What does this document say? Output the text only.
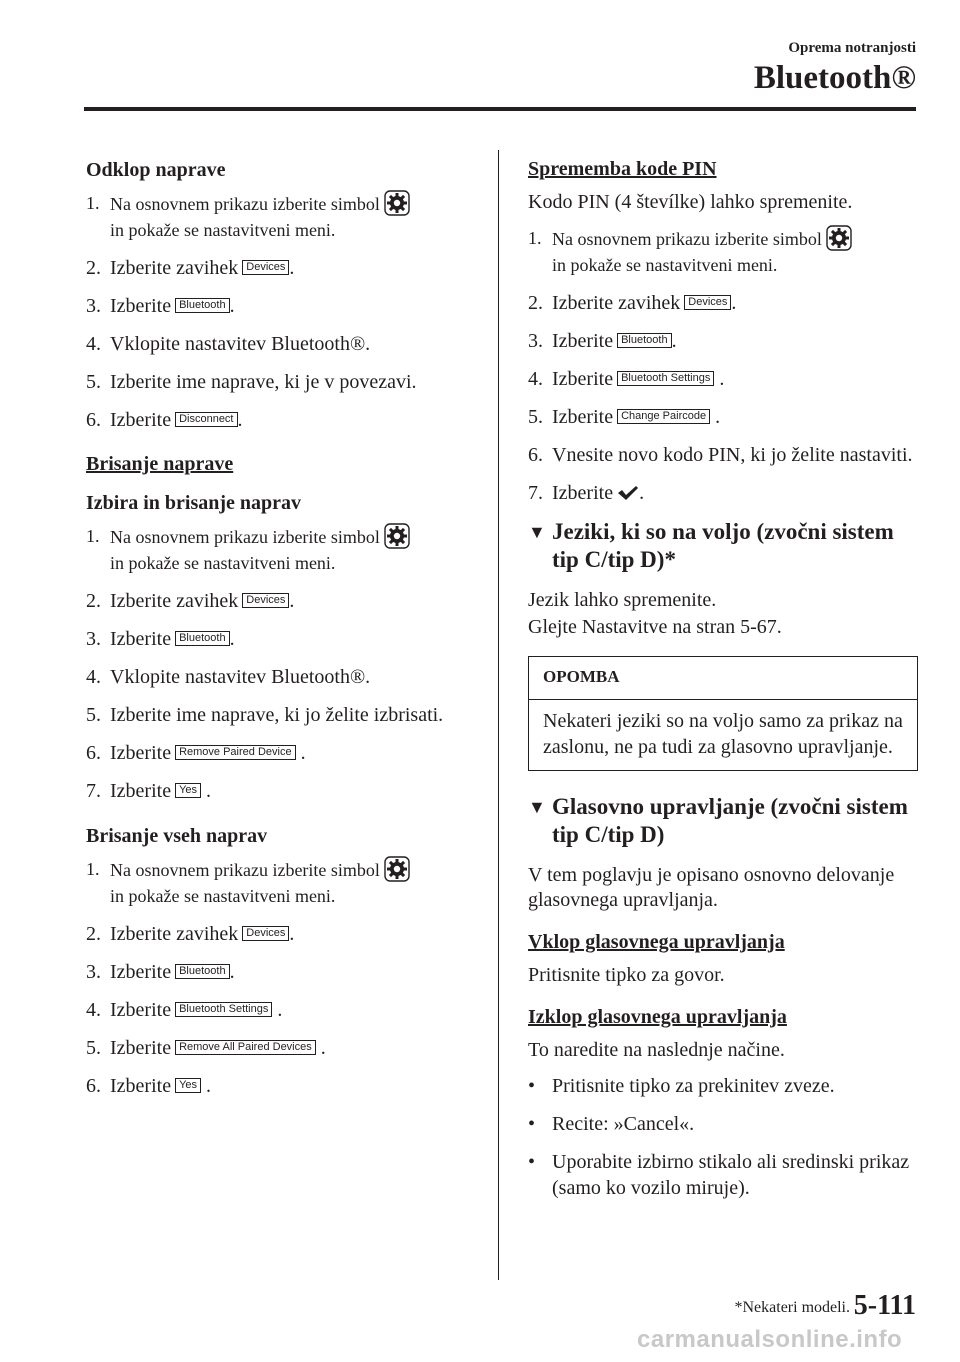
Oprema notranjosti
Bluetooth®
Odklop naprave
1. Na osnovnem prikazu izberite simbol
in pokaže se nastavitveni meni.
2. Izberite zavihek Devices .
3. Izberite Bluetooth .
4. Vklopite nastavitev Bluetooth®.
5. Izberite ime naprave, ki je v povezavi.
6. Izberite Disconnect .
Brisanje naprave
Izbira in brisanje naprav
1. Na osnovnem prikazu izberite simbol
in pokaže se nastavitveni meni.
2. Izberite zavihek Devices .
3. Izberite Bluetooth .
4. Vklopite nastavitev Bluetooth®.
5. Izberite ime naprave, ki jo želite izbrisati.
6. Izberite Remove Paired Device .
7. Izberite Yes .
Brisanje vseh naprav
1. Na osnovnem prikazu izberite simbol
in pokaže se nastavitveni meni.
2. Izberite zavihek Devices .
3. Izberite Bluetooth .
4. Izberite Bluetooth Settings .
5. Izberite Remove All Paired Devices .
6. Izberite Yes .
Sprememba kode PIN
Kodo PIN (4 števílke) lahko spremenite.
1. Na osnovnem prikazu izberite simbol
in pokaže se nastavitveni meni.
2. Izberite zavihek Devices .
3. Izberite Bluetooth .
4. Izberite Bluetooth Settings .
5. Izberite Change Paircode .
6. Vnesite novo kodo PIN, ki jo želite nastaviti.
7. Izberite .
▼ Jeziki, ki so na voljo (zvočni sistem tip C/tip D)*
Jezik lahko spremenite.
Glejte Nastavitve na stran 5-67.
OPOMBA
Nekateri jeziki so na voljo samo za prikaz na zaslonu, ne pa tudi za glasovno upravljanje.
▼ Glasovno upravljanje (zvočni sistem tip C/tip D)
V tem poglavju je opisano osnovno delovanje glasovnega upravljanja.
Vklop glasovnega upravljanja
Pritisnite tipko za govor.
Izklop glasovnega upravljanja
To naredite na naslednje načine.
• Pritisnite tipko za prekinitev zveze.
• Recite: »Cancel«.
• Uporabite izbirno stikalo ali sredinski prikaz (samo ko vozilo miruje).
*Nekateri modeli. 5-111
carmanualsonline.info
